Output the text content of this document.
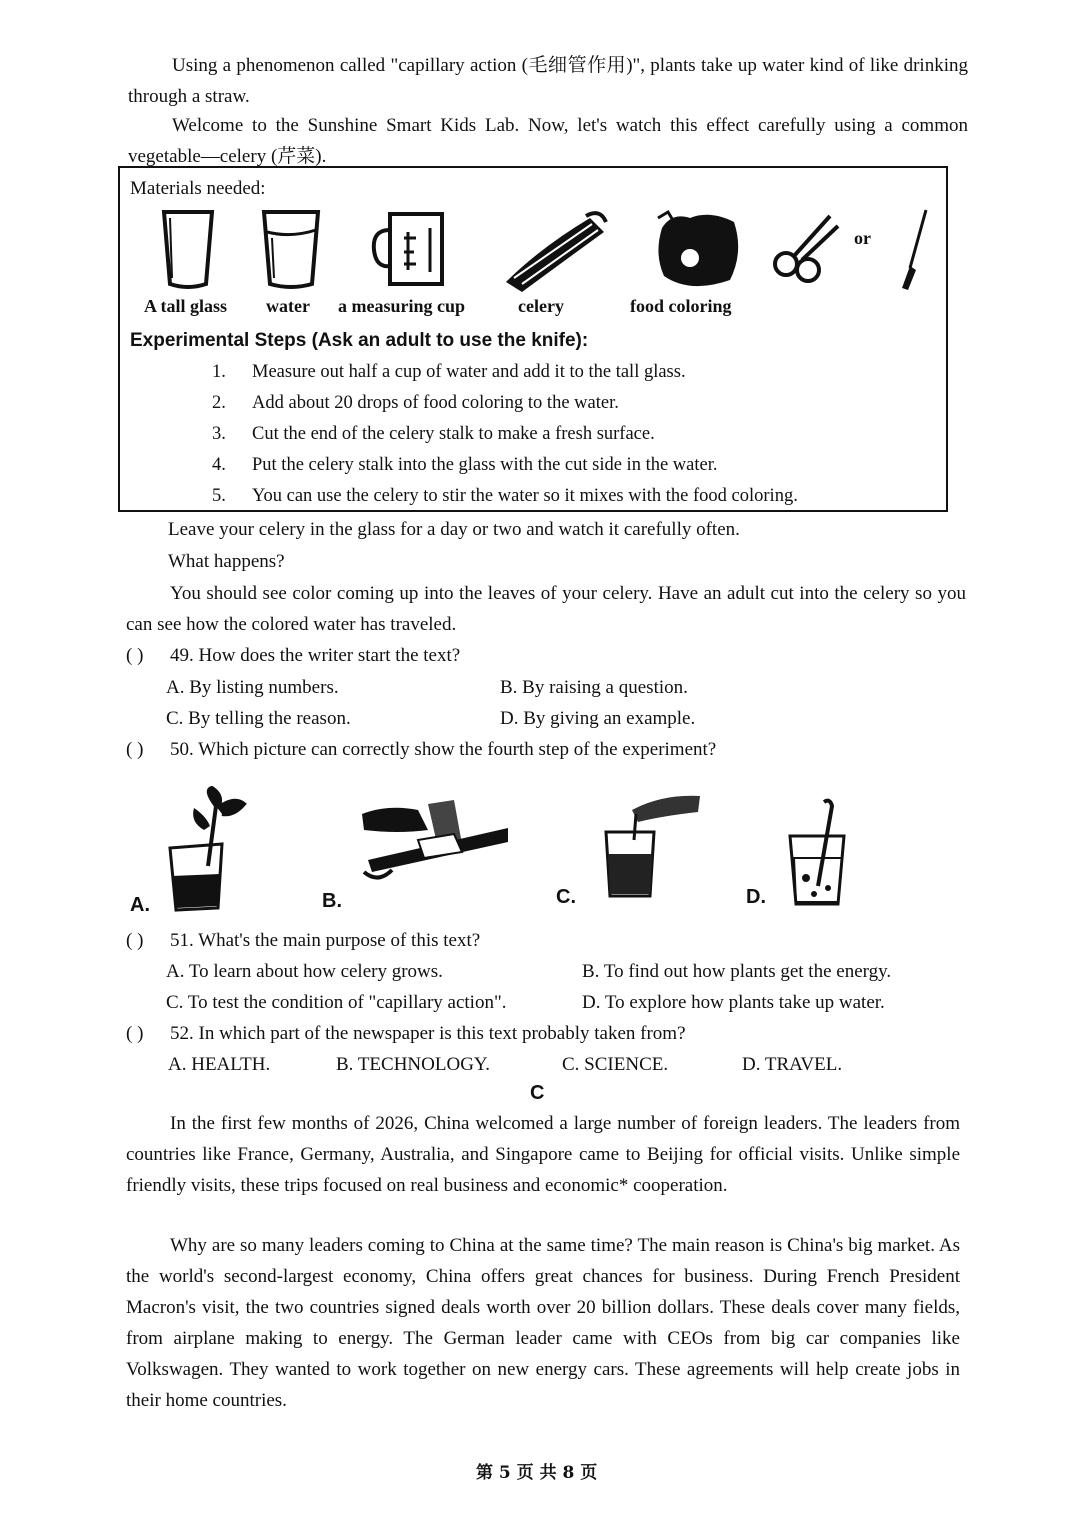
Using a phenomenon called "capillary action (毛细管作用)", plants take up water kind of like drinking through a straw.

Welcome to the Sunshine Smart Kids Lab. Now, let's watch this effect carefully using a common vegetable—celery (芹菜).

Materials needed:
or
A tall glass water a measuring cup	celery	food coloring
Experimental Steps (Ask an adult to use the knife):
1. Measure out half a cup of water and add it to the tall glass.
2. Add about 20 drops of food coloring to the water.
3. Cut the end of the celery stalk to make a fresh surface.
4. Put the celery stalk into the glass with the cut side in the water.
5. You can use the celery to stir the water so it mixes with the food coloring.

Leave your celery in the glass for a day or two and watch it carefully often.

What happens?

You should see color coming up into the leaves of your celery. Have an adult cut into the celery so you can see how the colored water has traveled.

( ) 49. How does the writer start the text?
A. By listing numbers.	B. By raising a question.
C. By telling the reason.	D. By giving an example.
( ) 50. Which picture can correctly show the fourth step of the experiment?
A.	B.	C.	D.
( ) 51. What's the main purpose of this text?
A. To learn about how celery grows.	B. To find out how plants get the energy.
C. To test the condition of "capillary action".	D. To explore how plants take up water.
( ) 52. In which part of the newspaper is this text probably taken from?
A. HEALTH.	B. TECHNOLOGY.	C. SCIENCE.	D. TRAVEL.
C

In the first few months of 2026, China welcomed a large number of foreign leaders. The leaders from countries like France, Germany, Australia, and Singapore came to Beijing for official visits. Unlike simple friendly visits, these trips focused on real business and economic* cooperation.

Why are so many leaders coming to China at the same time? The main reason is China's big market. As the world's second-largest economy, China offers great chances for business. During French President Macron's visit, the two countries signed deals worth over 20 billion dollars. These deals cover many fields, from airplane making to energy. The German leader came with CEOs from big car companies like Volkswagen. They wanted to work together on new energy cars. These agreements will help create jobs in their home countries.

第 5 页 共 8 页
